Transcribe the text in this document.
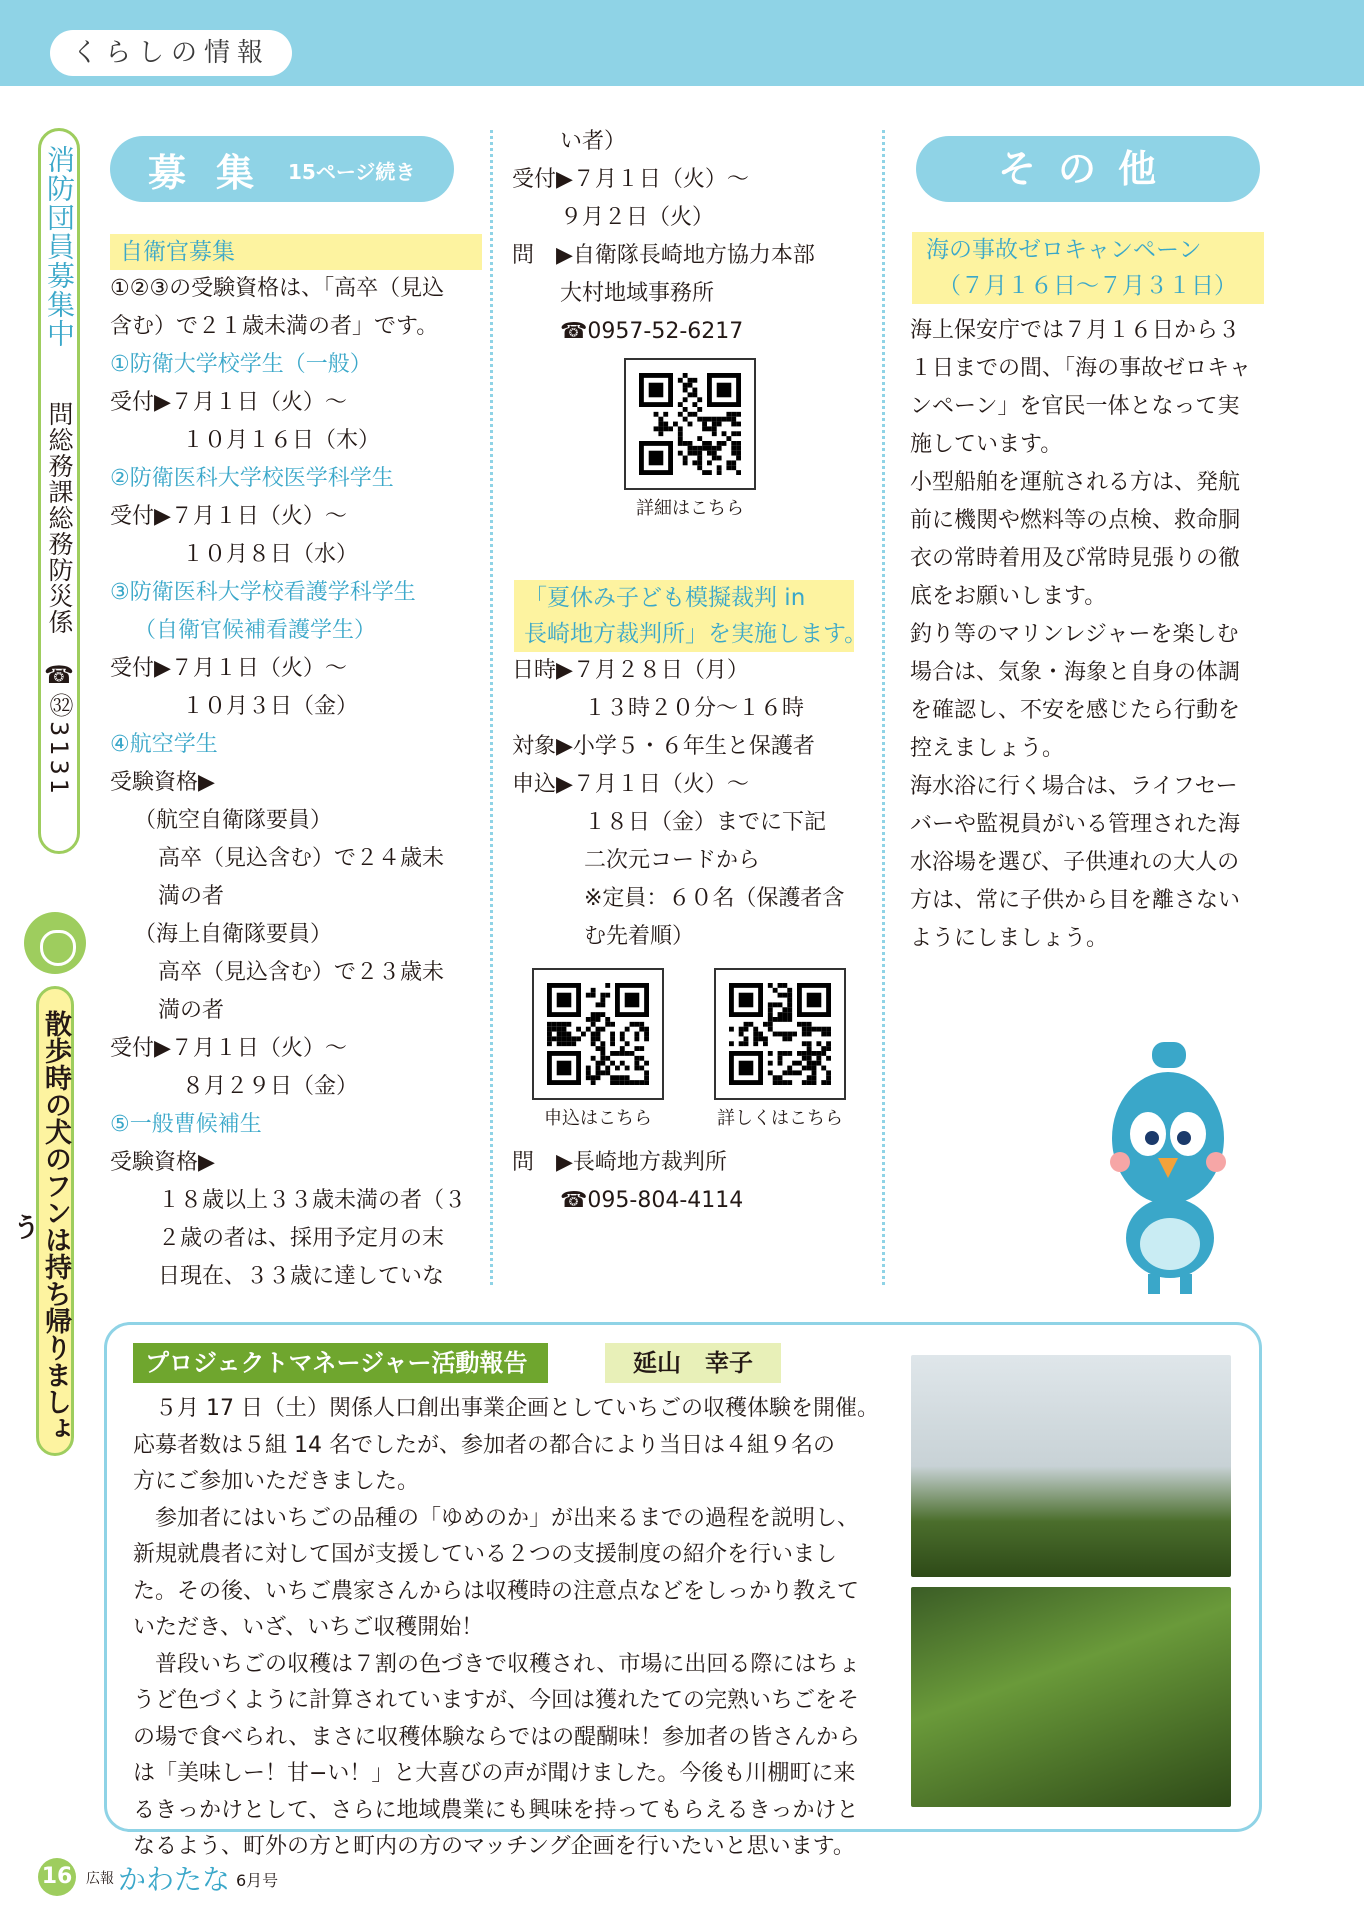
くらしの情報
消防団員募集中
問総務課総務防災係
☎㉜3131
散歩時の犬のフンは持ち帰りましょう
募集 15ページ続き	その他

自衛官募集

①②③の受験資格は、「高卒（見込

含む）で２１歳未満の者」です。

①防衛大学校学生（一般）

受付▶７月１日（火）～

１０月１６日（木）

②防衛医科大学校医学科学生

受付▶７月１日（火）～

１０月８日（水）

③防衛医科大学校看護学科学生

（自衛官候補看護学生）

受付▶７月１日（火）～

１０月３日（金）

④航空学生

受験資格▶

（航空自衛隊要員）

高卒（見込含む）で２４歳未

満の者

（海上自衛隊要員）

高卒（見込含む）で２３歳未

満の者

受付▶７月１日（火）～

８月２９日（金）

⑤一般曹候補生

受験資格▶

１８歳以上３３歳未満の者（３

２歳の者は、採用予定月の末

日現在、３３歳に達していな

い者）

受付▶７月１日（火）～

９月２日（火）

問　▶自衛隊長崎地方協力本部

大村地域事務所

☎0957-52-6217

詳細はこちら

「夏休み子ども模擬裁判 in

長崎地方裁判所」を実施します。

日時▶７月２８日（月）

１３時２０分～１６時

対象▶小学５・６年生と保護者

申込▶７月１日（火）～

１８日（金）までに下記

二次元コードから

※定員：６０名（保護者含

む先着順）

申込はこちら	詳しくはこちら

問　▶長崎地方裁判所

☎095-804-4114

海の事故ゼロキャンペーン

（７月１６日～７月３１日）

海上保安庁では７月１６日から３

１日までの間、「海の事故ゼロキャ

ンペーン」を官民一体となって実

施しています。

小型船舶を運航される方は、発航

前に機関や燃料等の点検、救命胴

衣の常時着用及び常時見張りの徹

底をお願いします。

釣り等のマリンレジャーを楽しむ

場合は、気象・海象と自身の体調

を確認し、不安を感じたら行動を

控えましょう。

海水浴に行く場合は、ライフセー

バーや監視員がいる管理された海

水浴場を選び、子供連れの大人の

方は、常に子供から目を離さない

ようにしましょう。

プロジェクトマネージャー活動報告	延山　幸子

　５月 17 日（土）関係人口創出事業企画としていちごの収穫体験を開催。

応募者数は５組 14 名でしたが、参加者の都合により当日は４組９名の

方にご参加いただきました。

　参加者にはいちごの品種の「ゆめのか」が出来るまでの過程を説明し、

新規就農者に対して国が支援している２つの支援制度の紹介を行いまし

た。その後、いちご農家さんからは収穫時の注意点などをしっかり教えて

いただき、いざ、いちご収穫開始！

　普段いちごの収穫は７割の色づきで収穫され、市場に出回る際にはちょ

うど色づくように計算されていますが、今回は獲れたての完熟いちごをそ

の場で食べられ、まさに収穫体験ならではの醍醐味！参加者の皆さんから

は「美味しー！甘−い！」と大喜びの声が聞けました。今後も川棚町に来

るきっかけとして、さらに地域農業にも興味を持ってもらえるきっかけと

なるよう、町外の方と町内の方のマッチング企画を行いたいと思います。

16 広報 かわたな 6月号
